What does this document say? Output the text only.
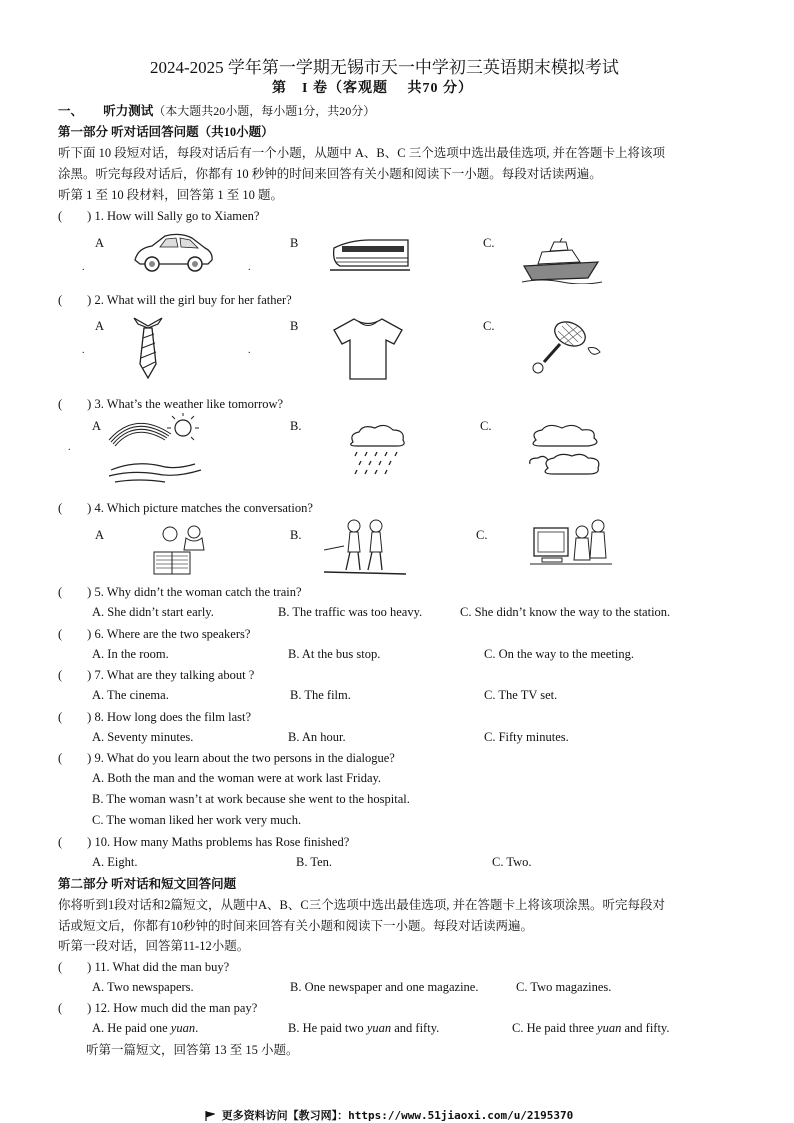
2024-2025 学年第一学期无锡市天一中学初三英语期末模拟考试
第　I 卷（客观题　 共70 分）
一、 听力测试（本大题共20小题，每小题1分，共20分）
第一部分 听对话回答问题（共10小题）
听下面 10 段短对话，每段对话后有一个小题，从题中 A、B、C 三个选项中选出最佳选项, 并在答题卡上将该项
涂黑。听完每段对话后，你都有 10 秒钟的时间来回答有关小题和阅读下一小题。每段对话读两遍。
听第 1 至 10 段材料，回答第 1 至 10 题。
(　　) 1. How will Sally go to Xiamen?
A	B	C.
.	.
(　　) 2. What will the girl buy for her father?
A	B	C.
.	.
(　　) 3. What’s the weather like tomorrow?
A	B.	C.
.
(　　) 4. Which picture matches the conversation?
A	B.	C.
(　　) 5. Why didn’t the woman catch the train?
A. She didn’t start early.	B. The traffic was too heavy.	C. She didn’t know the way to the station.
(　　) 6. Where are the two speakers?
A. In the room.	B. At the bus stop.	C. On the way to the meeting.
(　　) 7. What are they talking about ?
A. The cinema.	B. The film.	C. The TV set.
(　　) 8. How long does the film last?
A. Seventy minutes.	B. An hour.	C. Fifty minutes.
(　　) 9. What do you learn about the two persons in the dialogue?
A. Both the man and the woman were at work last Friday.
B. The woman wasn’t at work because she went to the hospital.
C. The woman liked her work very much.
(　　) 10. How many Maths problems has Rose finished?
A. Eight.	B. Ten.	C. Two.
第二部分 听对话和短文回答问题
你将听到1段对话和2篇短文，从题中A、B、C三个选项中选出最佳选项, 并在答题卡上将该项涂黑。听完每段对
话或短文后，你都有10秒钟的时间来回答有关小题和阅读下一小题。每段对话读两遍。
听第一段对话，回答第11-12小题。
(　　) 11. What did the man buy?
A. Two newspapers.	B. One newspaper and one magazine.	C. Two magazines.
(　　) 12. How much did the man pay?
A. He paid one yuan.	B. He paid two yuan and fifty.	C. He paid three yuan and fifty.
听第一篇短文，回答第 13 至 15 小题。
更多资料访问【教习网】：https://www.51jiaoxi.com/u/2195370
